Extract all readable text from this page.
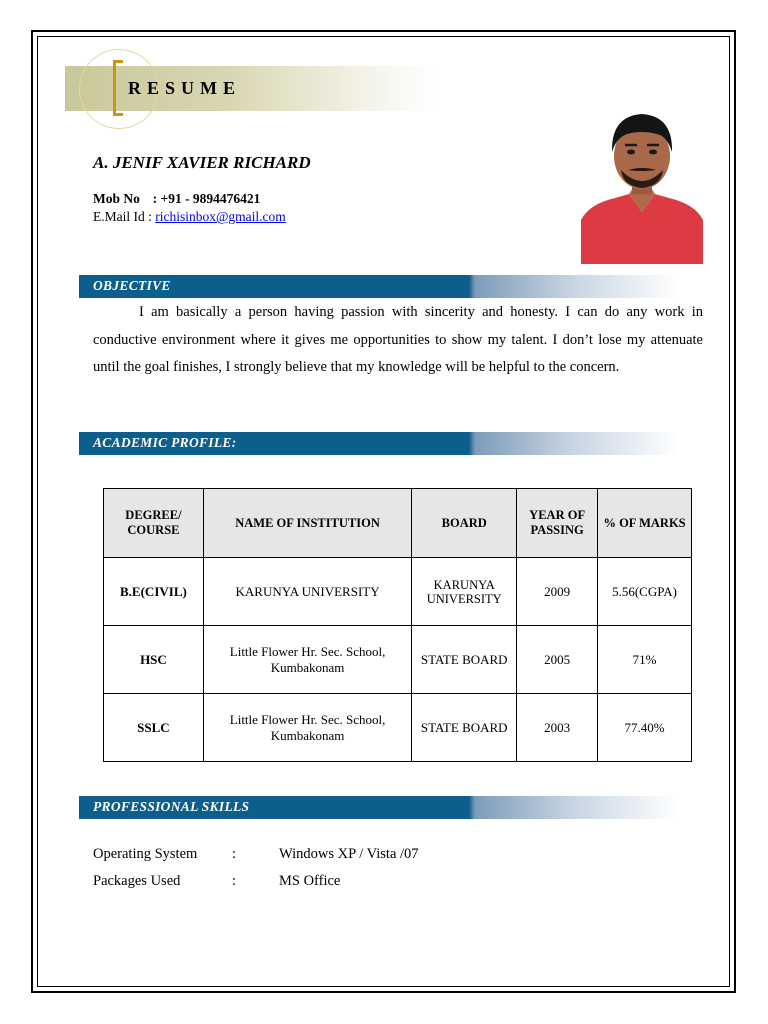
RESUME
A. JENIF XAVIER RICHARD
Mob No : +91 - 9894476421
E.Mail Id : richisinbox@gmail.com
OBJECTIVE

I am basically a person having passion with sincerity and honesty. I can do any work in conductive environment where it gives me opportunities to show my talent. I don’t lose my attenuate until the goal finishes, I strongly believe that my knowledge will be helpful to the concern.

ACADEMIC PROFILE:
DEGREE/ COURSE	NAME OF INSTITUTION	BOARD	YEAR OF PASSING	% OF MARKS
B.E(CIVIL)	KARUNYA UNIVERSITY	KARUNYA UNIVERSITY	2009	5.56(CGPA)
HSC	Little Flower Hr. Sec. School, Kumbakonam	STATE BOARD	2005	71%
SSLC	Little Flower Hr. Sec. School, Kumbakonam	STATE BOARD	2003	77.40%
PROFESSIONAL SKILLS
Operating System	:	Windows XP / Vista /07
Packages Used	:	MS Office
